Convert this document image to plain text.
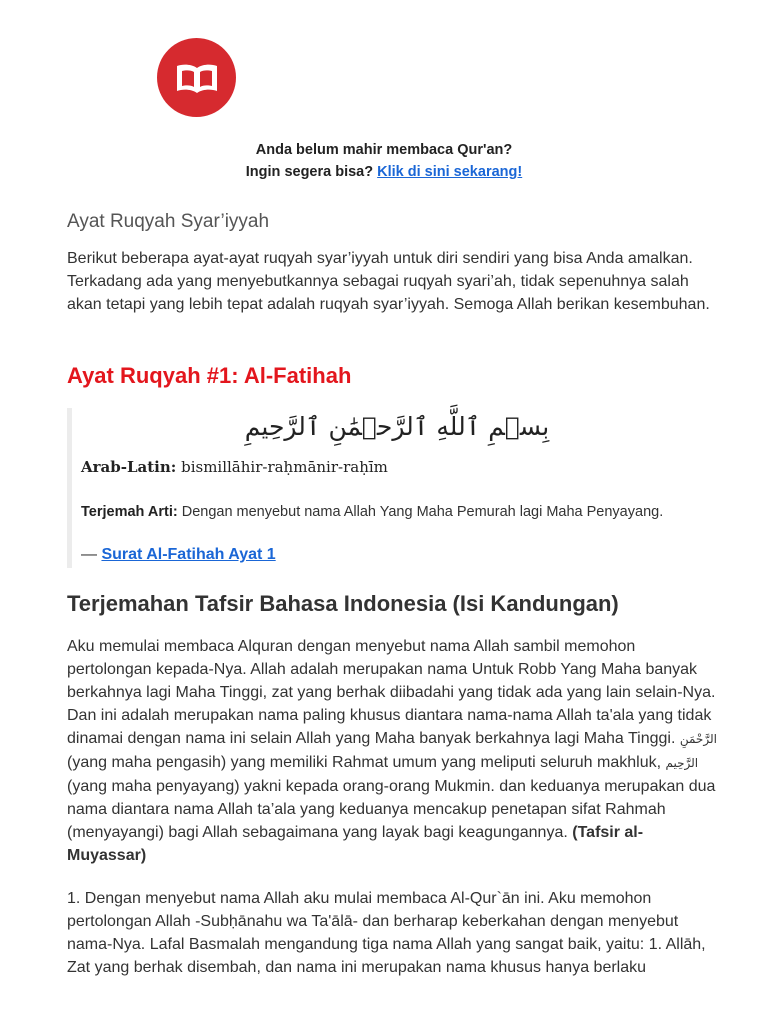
Anda belum mahir membaca Qur'an?
Ingin segera bisa? Klik di sini sekarang!
Ayat Ruqyah Syar’iyyah

Berikut beberapa ayat-ayat ruqyah syar’iyyah untuk diri sendiri yang bisa Anda amalkan. Terkadang ada yang menyebutkannya sebagai ruqyah syari’ah, tidak sepenuhnya salah akan tetapi yang lebih tepat adalah ruqyah syar’iyyah. Semoga Allah berikan kesembuhan.

Ayat Ruqyah #1: Al-Fatihah
بِسۡمِ ٱللَّهِ ٱلرَّحۡمَٰنِ ٱلرَّحِيمِ
Arab-Latin: bismillāhir-raḥmānir-raḥīm
Terjemah Arti: Dengan menyebut nama Allah Yang Maha Pemurah lagi Maha Penyayang.
— Surat Al-Fatihah Ayat 1
Terjemahan Tafsir Bahasa Indonesia (Isi Kandungan)

Aku memulai membaca Alquran dengan menyebut nama Allah sambil memohon pertolongan kepada-Nya. Allah adalah merupakan nama Untuk Robb Yang Maha banyak berkahnya lagi Maha Tinggi, zat yang berhak diibadahi yang tidak ada yang lain selain-Nya. Dan ini adalah merupakan nama paling khusus diantara nama-nama Allah ta'ala yang tidak dinamai dengan nama ini selain Allah yang Maha banyak berkahnya lagi Maha Tinggi. الرَّحْمَنِ (yang maha pengasih) yang memiliki Rahmat umum yang meliputi seluruh makhluk, الرَّحِيم (yang maha penyayang) yakni kepada orang-orang Mukmin. dan keduanya merupakan dua nama diantara nama Allah ta’ala yang keduanya mencakup penetapan sifat Rahmah (menyayangi) bagi Allah sebagaimana yang layak bagi keagungannya. (Tafsir al-Muyassar)

1. Dengan menyebut nama Allah aku mulai membaca Al-Qur`ān ini. Aku memohon pertolongan Allah -Subḥānahu wa Ta'ālā- dan berharap keberkahan dengan menyebut nama-Nya. Lafal Basmalah mengandung tiga nama Allah yang sangat baik, yaitu: 1. Allāh, Zat yang berhak disembah, dan nama ini merupakan nama khusus hanya berlaku
